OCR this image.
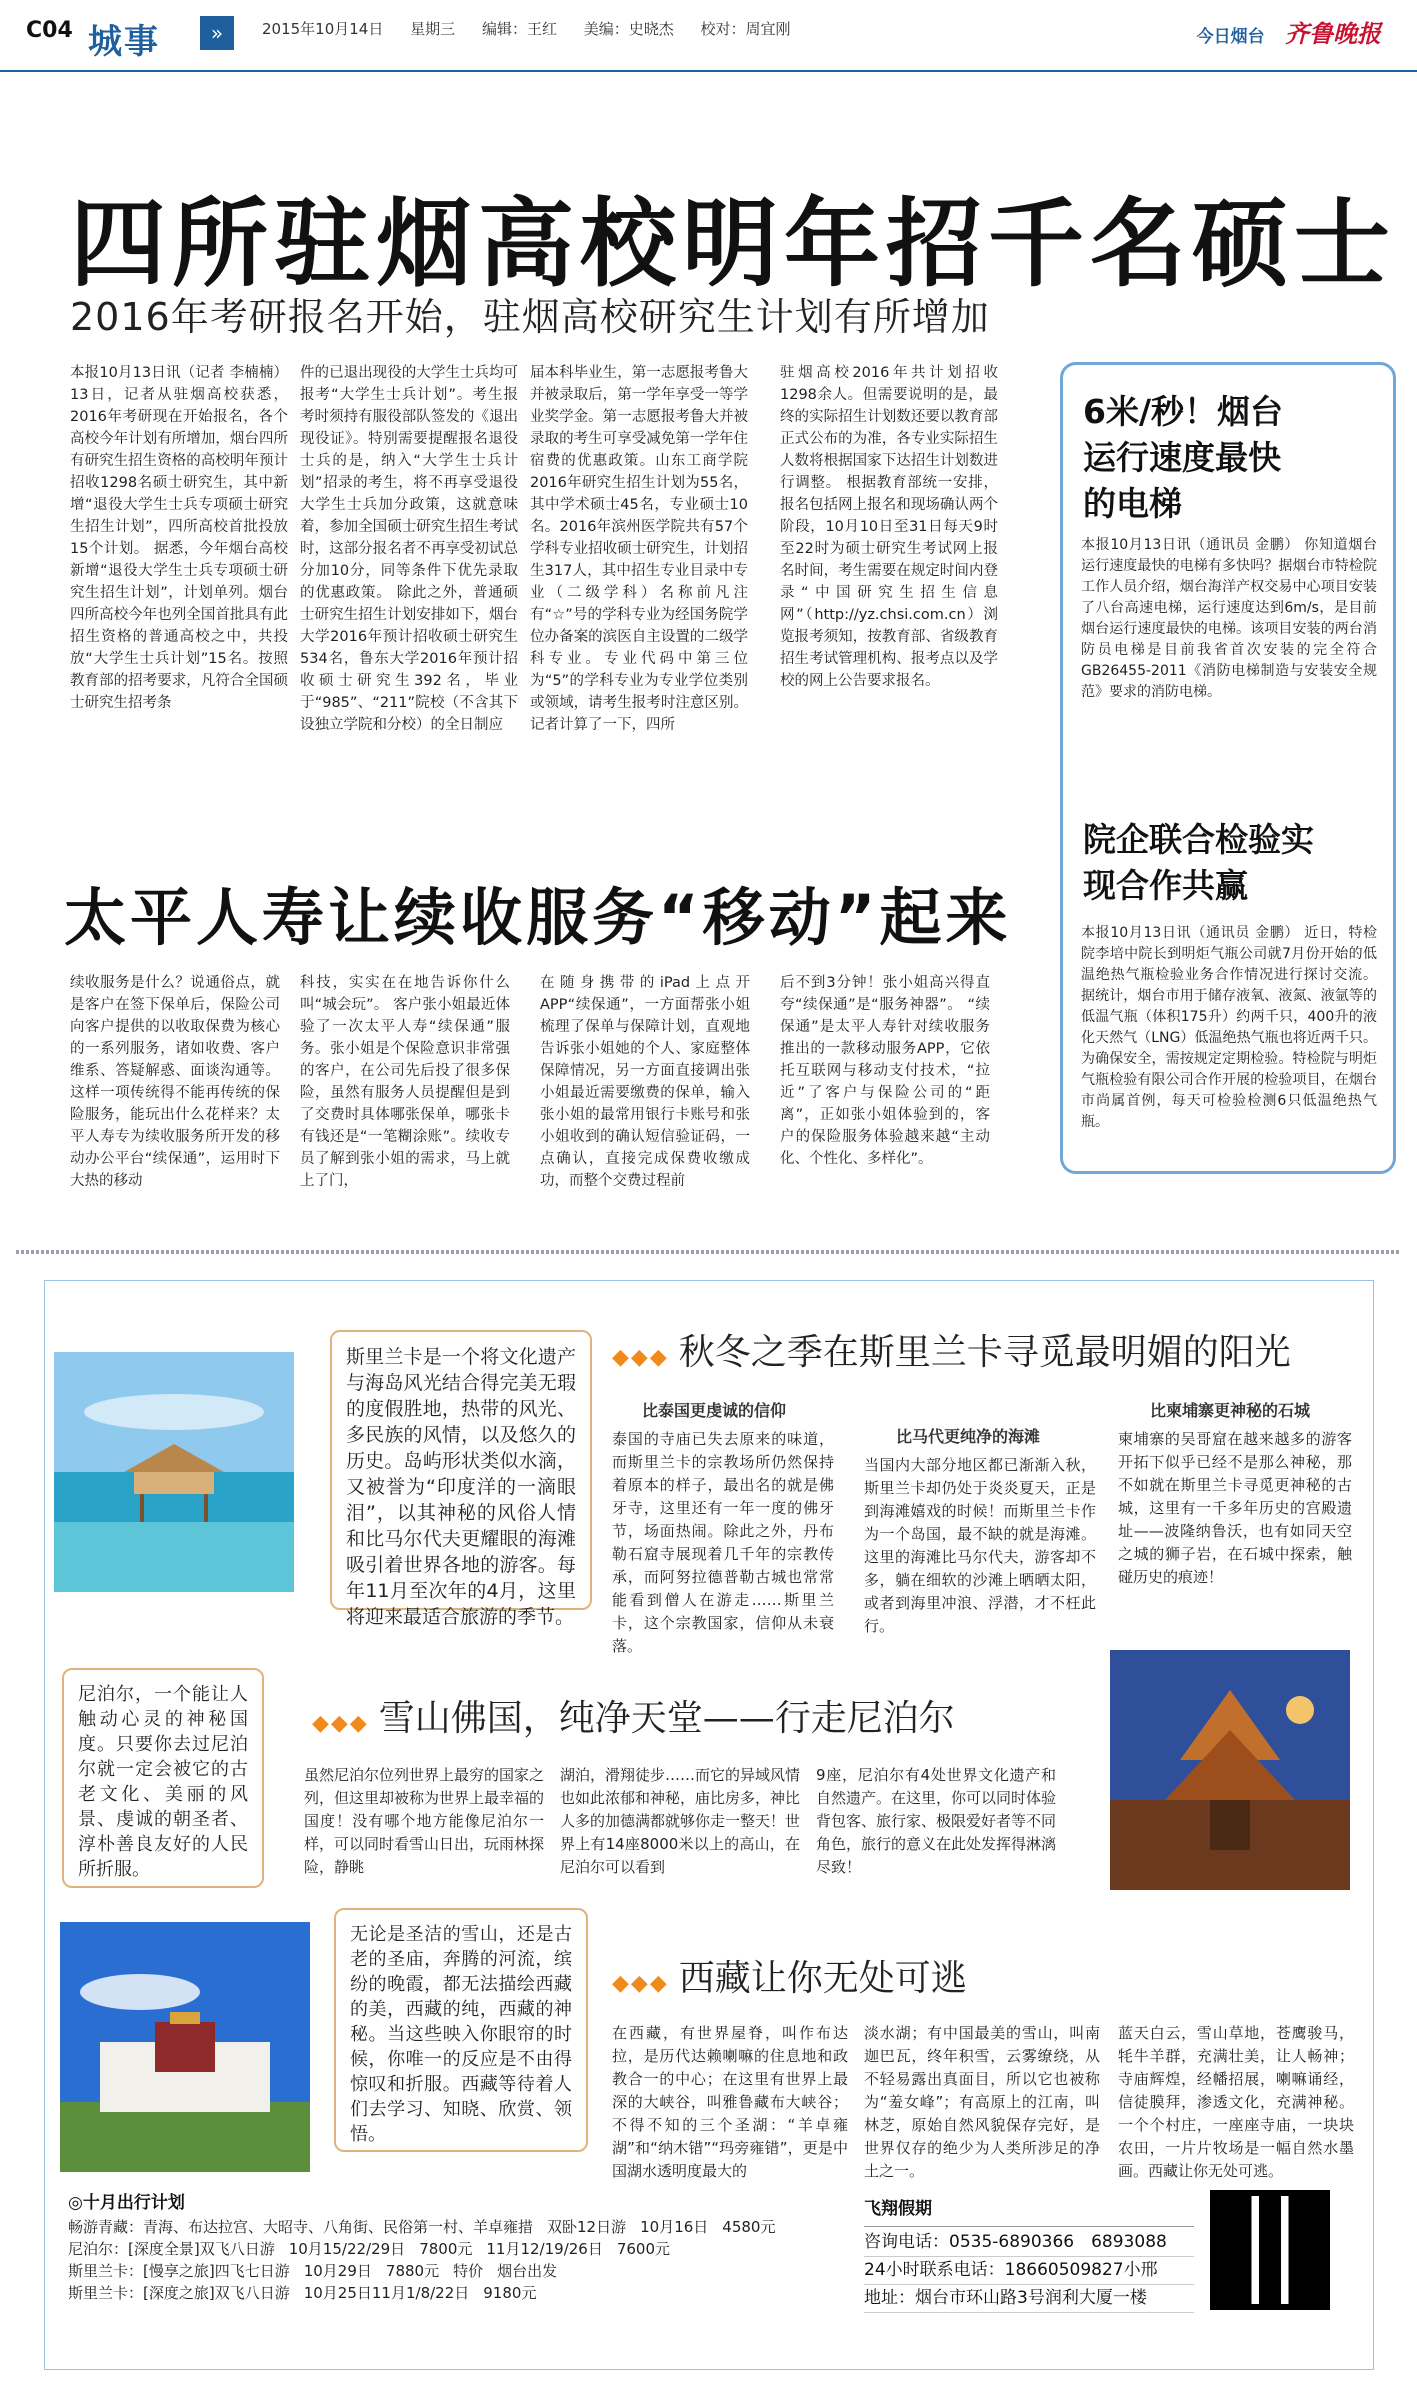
C04 城事	»	2015年10月14日 星期三 编辑：王红 美编：史晓杰 校对：周宜刚	今日烟台 齐鲁晚报
四所驻烟高校明年招千名硕士
2016年考研报名开始，驻烟高校研究生计划有所增加
本报10月13日讯（记者 李楠楠） 13日，记者从驻烟高校获悉，2016年考研现在开始报名，各个高校今年计划有所增加，烟台四所有研究生招生资格的高校明年预计招收1298名硕士研究生，其中新增“退役大学生士兵专项硕士研究生招生计划”，四所高校首批投放15个计划。 据悉，今年烟台高校新增“退役大学生士兵专项硕士研究生招生计划”，计划单列。烟台四所高校今年也列全国首批具有此招生资格的普通高校之中，共投放“大学生士兵计划”15名。按照教育部的招考要求，凡符合全国硕士研究生招考条
件的已退出现役的大学生士兵均可报考“大学生士兵计划”。考生报考时须持有服役部队签发的《退出现役证》。特别需要提醒报名退役士兵的是，纳入“大学生士兵计划”招录的考生，将不再享受退役大学生士兵加分政策，这就意味着，参加全国硕士研究生招生考试时，这部分报名者不再享受初试总分加10分，同等条件下优先录取的优惠政策。 除此之外，普通硕士研究生招生计划安排如下，烟台大学2016年预计招收硕士研究生534名，鲁东大学2016年预计招收硕士研究生392名，毕业于“985”、“211”院校（不含其下设独立学院和分校）的全日制应
届本科毕业生，第一志愿报考鲁大并被录取后，第一学年享受一等学业奖学金。第一志愿报考鲁大并被录取的考生可享受减免第一学年住宿费的优惠政策。山东工商学院2016年研究生招生计划为55名，其中学术硕士45名，专业硕士10名。2016年滨州医学院共有57个学科专业招收硕士研究生，计划招生317人，其中招生专业目录中专业（二级学科）名称前凡注有“☆”号的学科专业为经国务院学位办备案的滨医自主设置的二级学科专业。专业代码中第三位为“5”的学科专业为专业学位类别或领域，请考生报考时注意区别。 记者计算了一下，四所
驻烟高校2016年共计划招收1298余人。但需要说明的是，最终的实际招生计划数还要以教育部正式公布的为准，各专业实际招生人数将根据国家下达招生计划数进行调整。 根据教育部统一安排，报名包括网上报名和现场确认两个阶段，10月10日至31日每天9时至22时为硕士研究生考试网上报名时间，考生需要在规定时间内登录“中国研究生招生信息网”（http://yz.chsi.com.cn）浏览报考须知，按教育部、省级教育招生考试管理机构、报考点以及学校的网上公告要求报名。
6米/秒！烟台运行速度最快的电梯
本报10月13日讯（通讯员 金鹏） 你知道烟台运行速度最快的电梯有多快吗？据烟台市特检院工作人员介绍，烟台海洋产权交易中心项目安装了八台高速电梯，运行速度达到6m/s，是目前烟台运行速度最快的电梯。该项目安装的两台消防员电梯是目前我省首次安装的完全符合GB26455-2011《消防电梯制造与安装安全规范》要求的消防电梯。
院企联合检验实现合作共赢
本报10月13日讯（通讯员 金鹏） 近日，特检院李培中院长到明炬气瓶公司就7月份开始的低温绝热气瓶检验业务合作情况进行探讨交流。 据统计，烟台市用于储存液氧、液氮、液氩等的低温气瓶（体积175升）约两千只，400升的液化天然气（LNG）低温绝热气瓶也将近两千只。为确保安全，需按规定定期检验。特检院与明炬气瓶检验有限公司合作开展的检验项目，在烟台市尚属首例，每天可检验检测6只低温绝热气瓶。
太平人寿让续收服务“移动”起来
续收服务是什么？说通俗点，就是客户在签下保单后，保险公司向客户提供的以收取保费为核心的一系列服务，诸如收费、客户维系、答疑解惑、面谈沟通等。这样一项传统得不能再传统的保险服务，能玩出什么花样来？太平人寿专为续收服务所开发的移动办公平台“续保通”，运用时下大热的移动
科技，实实在在地告诉你什么叫“城会玩”。 客户张小姐最近体验了一次太平人寿“续保通”服务。张小姐是个保险意识非常强的客户，在公司先后投了很多保险，虽然有服务人员提醒但是到了交费时具体哪张保单，哪张卡有钱还是“一笔糊涂账”。续收专员了解到张小姐的需求，马上就上了门，
在随身携带的iPad上点开APP“续保通”，一方面帮张小姐梳理了保单与保障计划，直观地告诉张小姐她的个人、家庭整体保障情况，另一方面直接调出张小姐最近需要缴费的保单，输入张小姐的最常用银行卡账号和张小姐收到的确认短信验证码，一点确认，直接完成保费收缴成功，而整个交费过程前
后不到3分钟！张小姐高兴得直夸“续保通”是“服务神器”。 “续保通”是太平人寿针对续收服务推出的一款移动服务APP，它依托互联网与移动支付技术，“拉近”了客户与保险公司的“距离”，正如张小姐体验到的，客户的保险服务体验越来越“主动化、个性化、多样化”。
斯里兰卡是一个将文化遗产与海岛风光结合得完美无瑕的度假胜地，热带的风光、多民族的风情，以及悠久的历史。岛屿形状类似水滴，又被誉为“印度洋的一滴眼泪”，以其神秘的风俗人情和比马尔代夫更耀眼的海滩吸引着世界各地的游客。每年11月至次年的4月，这里将迎来最适合旅游的季节。
◆◆◆ 秋冬之季在斯里兰卡寻觅最明媚的阳光
比泰国更虔诚的信仰
泰国的寺庙已失去原来的味道，而斯里兰卡的宗教场所仍然保持着原本的样子，最出名的就是佛牙寺，这里还有一年一度的佛牙节，场面热闹。除此之外，丹布勒石窟寺展现着几千年的宗教传承，而阿努拉德普勒古城也常常能看到僧人在游走……斯里兰卡，这个宗教国家，信仰从未衰落。
比马代更纯净的海滩
当国内大部分地区都已渐渐入秋，斯里兰卡却仍处于炎炎夏天，正是到海滩嬉戏的时候！而斯里兰卡作为一个岛国，最不缺的就是海滩。这里的海滩比马尔代夫，游客却不多，躺在细软的沙滩上晒晒太阳，或者到海里冲浪、浮潜，才不枉此行。
比柬埔寨更神秘的石城
柬埔寨的吴哥窟在越来越多的游客开拓下似乎已经不是那么神秘，那不如就在斯里兰卡寻觅更神秘的古城，这里有一千多年历史的宫殿遗址——波隆纳鲁沃，也有如同天空之城的狮子岩，在石城中探索，触碰历史的痕迹！
尼泊尔，一个能让人触动心灵的神秘国度。只要你去过尼泊尔就一定会被它的古老文化、美丽的风景、虔诚的朝圣者、淳朴善良友好的人民所折服。
◆◆◆ 雪山佛国，纯净天堂——行走尼泊尔
虽然尼泊尔位列世界上最穷的国家之列，但这里却被称为世界上最幸福的国度！没有哪个地方能像尼泊尔一样，可以同时看雪山日出，玩雨林探险，静眺
湖泊，滑翔徒步……而它的异域风情也如此浓郁和神秘，庙比房多，神比人多的加德满都就够你走一整天！世界上有14座8000米以上的高山，在尼泊尔可以看到
9座，尼泊尔有4处世界文化遗产和自然遗产。在这里，你可以同时体验背包客、旅行家、极限爱好者等不同角色，旅行的意义在此处发挥得淋漓尽致！
无论是圣洁的雪山，还是古老的圣庙，奔腾的河流，缤纷的晚霞，都无法描绘西藏的美，西藏的纯，西藏的神秘。当这些映入你眼帘的时候，你唯一的反应是不由得惊叹和折服。西藏等待着人们去学习、知晓、欣赏、领悟。
◆◆◆ 西藏让你无处可逃
在西藏，有世界屋脊，叫作布达拉，是历代达赖喇嘛的住息地和政教合一的中心；在这里有世界上最深的大峡谷，叫雅鲁藏布大峡谷；不得不知的三个圣湖：“羊卓雍湖”和“纳木错”“玛旁雍错”，更是中国湖水透明度最大的
淡水湖；有中国最美的雪山，叫南迦巴瓦，终年积雪，云雾缭绕，从不轻易露出真面目，所以它也被称为“羞女峰”；有高原上的江南，叫林芝，原始自然风貌保存完好，是世界仅存的绝少为人类所涉足的净土之一。
蓝天白云，雪山草地，苍鹰骏马，牦牛羊群，充满壮美，让人畅神；寺庙辉煌，经幡招展，喇嘛诵经，信徒膜拜，渗透文化，充满神秘。一个个村庄，一座座寺庙，一块块农田，一片片牧场是一幅自然水墨画。西藏让你无处可逃。
◎十月出行计划
畅游青藏：青海、布达拉宫、大昭寺、八角街、民俗第一村、羊卓雍措 双卧12日游 10月16日 4580元
尼泊尔：[深度全景]双飞八日游 10月15/22/29日 7800元 11月12/19/26日 7600元
斯里兰卡：[慢享之旅]四飞七日游 10月29日 7880元 特价 烟台出发
斯里兰卡：[深度之旅]双飞八日游 10月25日11月1/8/22日 9180元
飞翔假期
咨询电话：0535-6890366　6893088
24小时联系电话：18660509827小邢
地址：烟台市环山路3号润利大厦一楼
